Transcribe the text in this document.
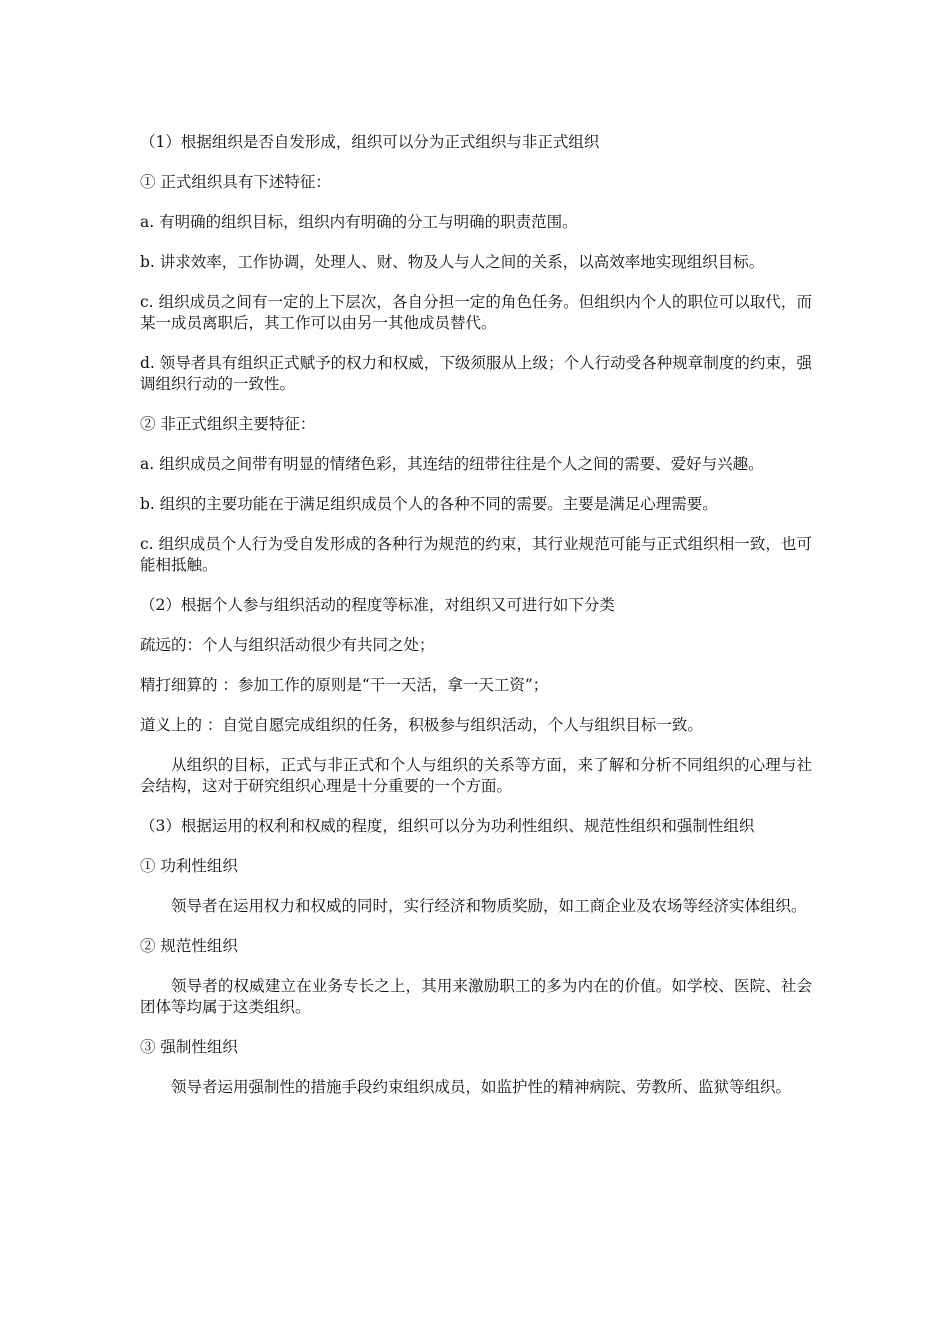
（1）根据组织是否自发形成，组织可以分为正式组织与非正式组织

① 正式组织具有下述特征：

a. 有明确的组织目标，组织内有明确的分工与明确的职责范围。

b. 讲求效率，工作协调，处理人、财、物及人与人之间的关系，以高效率地实现组织目标。

c. 组织成员之间有一定的上下层次，各自分担一定的角色任务。但组织内个人的职位可以取代，而某一成员离职后，其工作可以由另一其他成员替代。

d. 领导者具有组织正式赋予的权力和权威，下级须服从上级；个人行动受各种规章制度的约束，强调组织行动的一致性。

② 非正式组织主要特征：

a. 组织成员之间带有明显的情绪色彩，其连结的纽带往往是个人之间的需要、爱好与兴趣。

b. 组织的主要功能在于满足组织成员个人的各种不同的需要。主要是满足心理需要。

c. 组织成员个人行为受自发形成的各种行为规范的约束，其行业规范可能与正式组织相一致，也可能相抵触。

（2）根据个人参与组织活动的程度等标准，对组织又可进行如下分类

疏远的：个人与组织活动很少有共同之处；

精打细算的 ：参加工作的原则是“干一天活，拿一天工资”；

道义上的 ：自觉自愿完成组织的任务，积极参与组织活动，个人与组织目标一致。

从组织的目标，正式与非正式和个人与组织的关系等方面，来了解和分析不同组织的心理与社会结构，这对于研究组织心理是十分重要的一个方面。

（3）根据运用的权利和权威的程度，组织可以分为功利性组织、规范性组织和强制性组织

① 功利性组织

领导者在运用权力和权威的同时，实行经济和物质奖励，如工商企业及农场等经济实体组织。

② 规范性组织

领导者的权威建立在业务专长之上，其用来激励职工的多为内在的价值。如学校、医院、社会团体等均属于这类组织。

③ 强制性组织

领导者运用强制性的措施手段约束组织成员，如监护性的精神病院、劳教所、监狱等组织。
